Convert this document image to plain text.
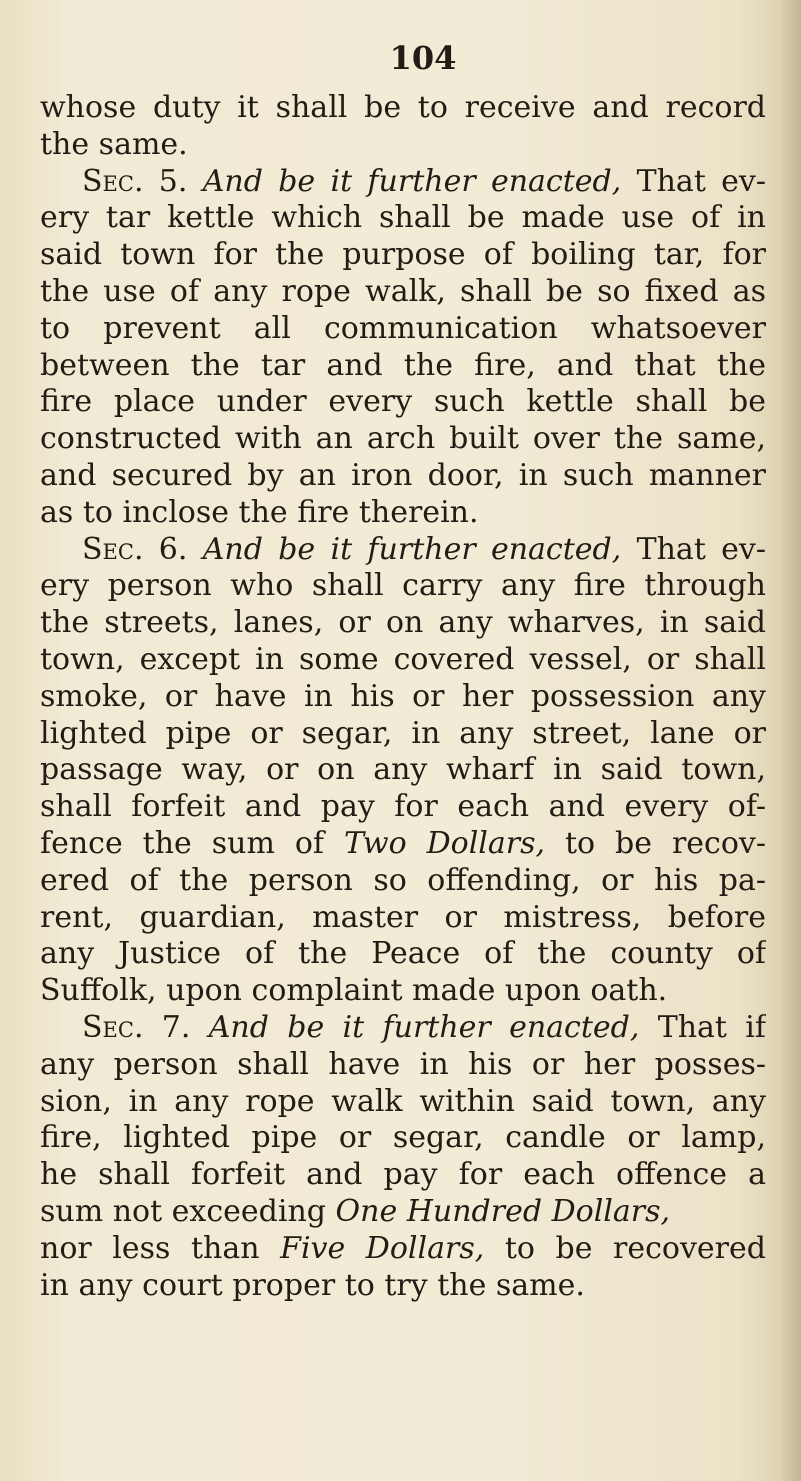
104
whose duty it shall be to receive and record
the same.
Sec. 5. And be it further enacted, That ev-
ery tar kettle which shall be made use of in
said town for the purpose of boiling tar, for
the use of any rope walk, shall be so fixed as
to prevent all communication whatsoever
between the tar and the fire, and that the
fire place under every such kettle shall be
constructed with an arch built over the same,
and secured by an iron door, in such manner
as to inclose the fire therein.
Sec. 6. And be it further enacted, That ev-
ery person who shall carry any fire through
the streets, lanes, or on any wharves, in said
town, except in some covered vessel, or shall
smoke, or have in his or her possession any
lighted pipe or segar, in any street, lane or
passage way, or on any wharf in said town,
shall forfeit and pay for each and every of-
fence the sum of Two Dollars, to be recov-
ered of the person so offending, or his pa-
rent, guardian, master or mistress, before
any Justice of the Peace of the county of
Suffolk, upon complaint made upon oath.
Sec. 7. And be it further enacted, That if
any person shall have in his or her posses-
sion, in any rope walk within said town, any
fire, lighted pipe or segar, candle or lamp,
he shall forfeit and pay for each offence a
sum not exceeding One Hundred Dollars,
nor less than Five Dollars, to be recovered
in any court proper to try the same.
